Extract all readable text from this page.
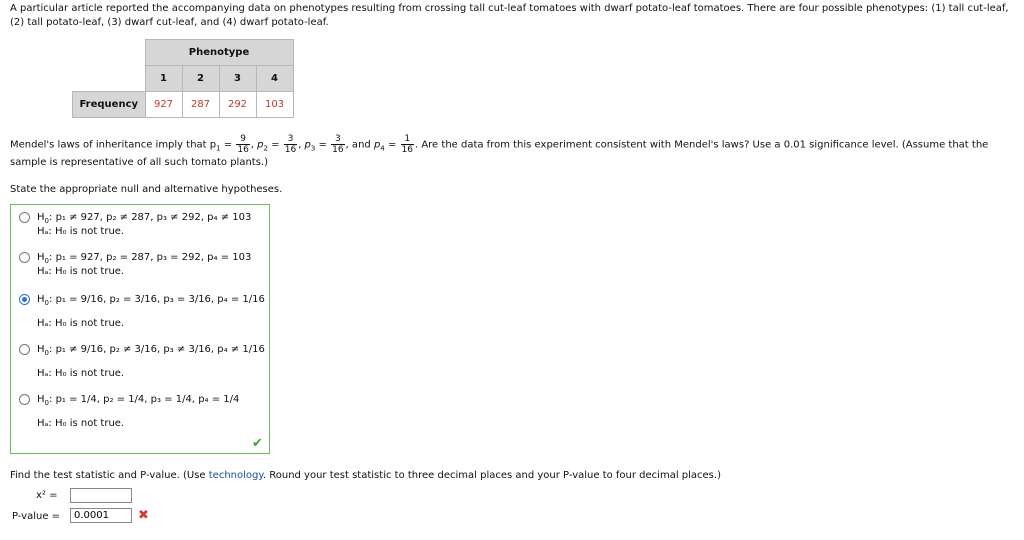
A particular article reported the accompanying data on phenotypes resulting from crossing tall cut-leaf tomatoes with dwarf potato-leaf tomatoes. There are four possible phenotypes: (1) tall cut-leaf, (2) tall potato-leaf, (3) dwarf cut-leaf, and (4) dwarf potato-leaf.
	Phenotype			
	1	2	3	4
Frequency	927	287	292	103
Mendel's laws of inheritance imply that $p_1 = \frac{9}{16}$ , $p_2 = \frac{3}{16}$ , $p_3 = \frac{3}{16}$ , and $p_4 = \frac{1}{16}$ . Are the data from this experiment consistent with Mendel's laws? Use a 0.01 significance level. (Assume that the sample is representative of all such tomato plants.)
State the appropriate null and alternative hypotheses.
$H_0$: p₁ ≠ 927, p₂ ≠ 287, p₃ ≠ 292, p₄ ≠ 103
Hₐ: H₀ is not true.
$H_0$: p₁ = 927, p₂ = 287, p₃ = 292, p₄ = 103
Hₐ: H₀ is not true.
$H_0$: p₁ = 9/16, p₂ = 3/16, p₃ = 3/16, p₄ = 1/16
Hₐ: H₀ is not true.
$H_0$: p₁ ≠ 9/16, p₂ ≠ 3/16, p₃ ≠ 3/16, p₄ ≠ 1/16
Hₐ: H₀ is not true.
$H_0$: p₁ = 1/4, p₂ = 1/4, p₃ = 1/4, p₄ = 1/4
Hₐ: H₀ is not true.
✔
Find the test statistic and P-value. (Use technology. Round your test statistic to three decimal places and your P-value to four decimal places.)
x² =
P-value =
0.0001	✖
